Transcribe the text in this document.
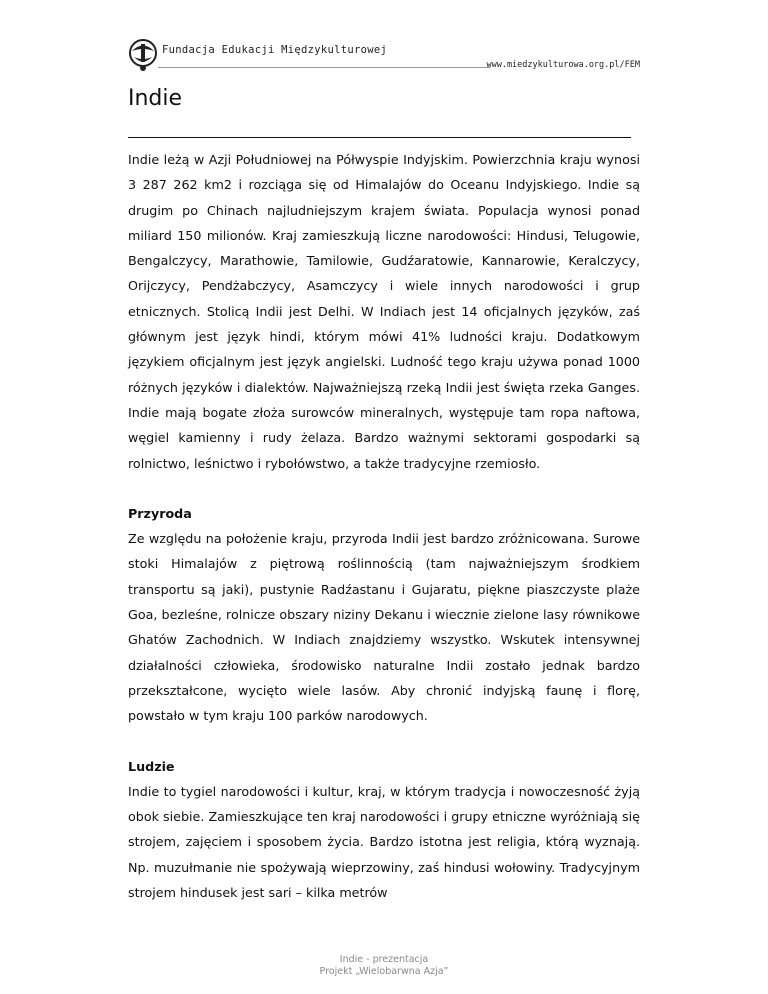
Fundacja Edukacji Międzykulturowej
www.miedzykulturowa.org.pl/FEM
Indie

Indie leżą w Azji Południowej na Półwyspie Indyjskim. Powierzchnia kraju wynosi 3 287 262 km2 i rozciąga się od Himalajów do Oceanu Indyjskiego. Indie są drugim po Chinach najludniejszym krajem świata. Populacja wynosi ponad miliard 150 milionów. Kraj zamieszkują liczne narodowości: Hindusi, Telugowie, Bengalczycy, Marathowie, Tamilowie, Gudźaratowie, Kannarowie, Keralczycy, Orijczycy, Pendżabczycy, Asamczycy i wiele innych narodowości i grup etnicznych. Stolicą Indii jest Delhi. W Indiach jest 14 oficjalnych języków, zaś głównym jest język hindi, którym mówi 41% ludności kraju. Dodatkowym językiem oficjalnym jest język angielski. Ludność tego kraju używa ponad 1000 różnych języków i dialektów. Najważniejszą rzeką Indii jest święta rzeka Ganges. Indie mają bogate złoża surowców mineralnych, występuje tam ropa naftowa, węgiel kamienny i rudy żelaza. Bardzo ważnymi sektorami gospodarki są rolnictwo, leśnictwo i rybołówstwo, a także tradycyjne rzemiosło.

Przyroda

Ze względu na położenie kraju, przyroda Indii jest bardzo zróżnicowana. Surowe stoki Himalajów z piętrową roślinnością (tam najważniejszym środkiem transportu są jaki), pustynie Radźastanu i Gujaratu, piękne piaszczyste plaże Goa, bezleśne, rolnicze obszary niziny Dekanu i wiecznie zielone lasy równikowe Ghatów Zachodnich. W Indiach znajdziemy wszystko. Wskutek intensywnej działalności człowieka, środowisko naturalne Indii zostało jednak bardzo przekształcone, wycięto wiele lasów. Aby chronić indyjską faunę i florę, powstało w tym kraju 100 parków narodowych.

Ludzie

Indie to tygiel narodowości i kultur, kraj, w którym tradycja i nowoczesność żyją obok siebie. Zamieszkujące ten kraj narodowości i grupy etniczne wyróżniają się strojem, zajęciem i sposobem życia. Bardzo istotna jest religia, którą wyznają. Np. muzułmanie nie spożywają wieprzowiny, zaś hindusi wołowiny. Tradycyjnym strojem hindusek jest sari – kilka metrów

Indie - prezentacja
Projekt „Wielobarwna Azja”
